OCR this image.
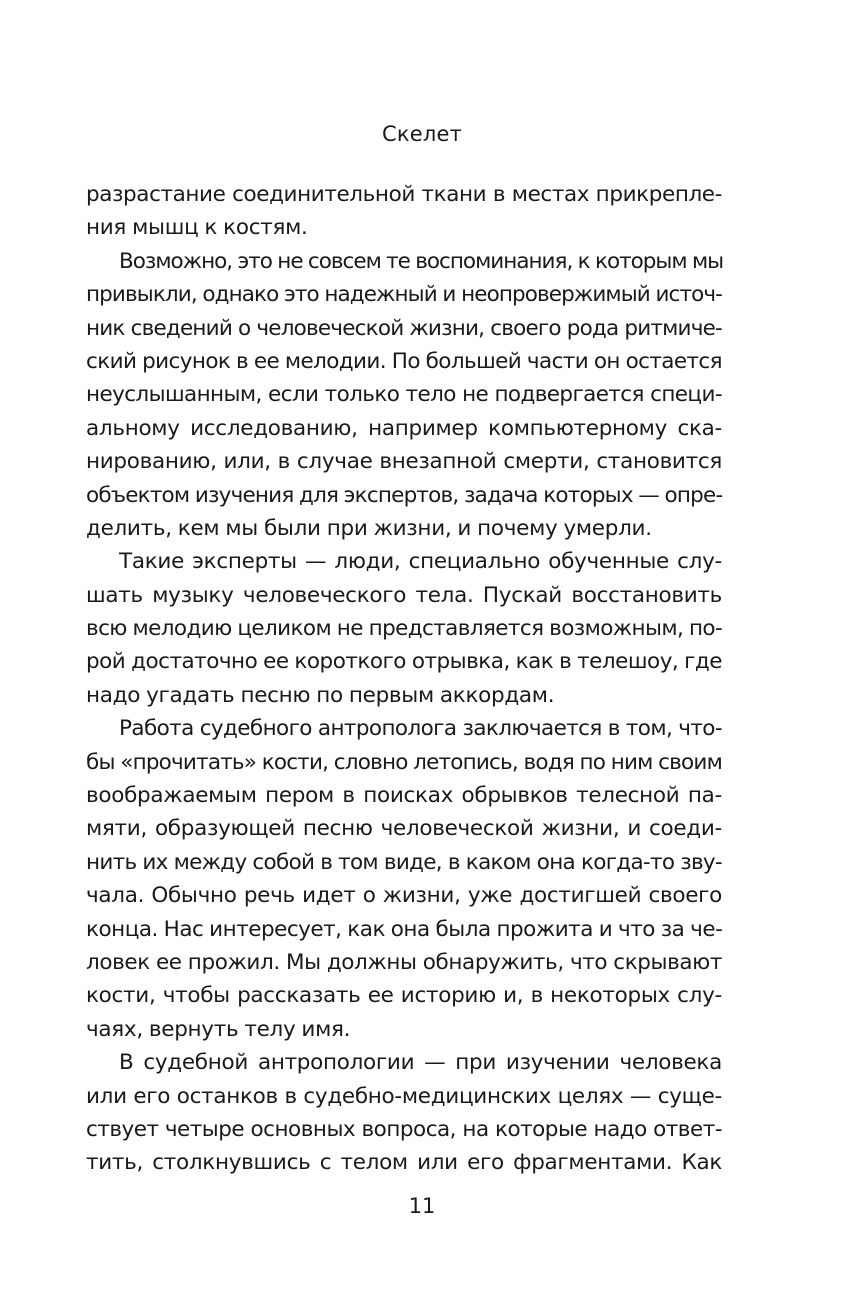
Скелет
разрастание соединительной ткани в местах прикрепле-
ния мышц к костям.
Возможно, это не совсем те воспоминания, к которым мы
привыкли, однако это надежный и неопровержимый источ-
ник сведений о человеческой жизни, своего рода ритмиче-
ский рисунок в ее мелодии. По большей части он остается
неуслышанным, если только тело не подвергается специ-
альному исследованию, например компьютерному ска-
нированию, или, в случае внезапной смерти, становится
объектом изучения для экспертов, задача которых — опре-
делить, кем мы были при жизни, и почему умерли.
Такие эксперты — люди, специально обученные слу-
шать музыку человеческого тела. Пускай восстановить
всю мелодию целиком не представляется возможным, по-
рой достаточно ее короткого отрывка, как в телешоу, где
надо угадать песню по первым аккордам.
Работа судебного антрополога заключается в том, что-
бы «прочитать» кости, словно летопись, водя по ним своим
воображаемым пером в поисках обрывков телесной па-
мяти, образующей песню человеческой жизни, и соеди-
нить их между собой в том виде, в каком она когда-то зву-
чала. Обычно речь идет о жизни, уже достигшей своего
конца. Нас интересует, как она была прожита и что за че-
ловек ее прожил. Мы должны обнаружить, что скрывают
кости, чтобы рассказать ее историю и, в некоторых слу-
чаях, вернуть телу имя.
В судебной антропологии — при изучении человека
или его останков в судебно-медицинских целях — суще-
ствует четыре основных вопроса, на которые надо ответ-
тить, столкнувшись с телом или его фрагментами. Как
11
